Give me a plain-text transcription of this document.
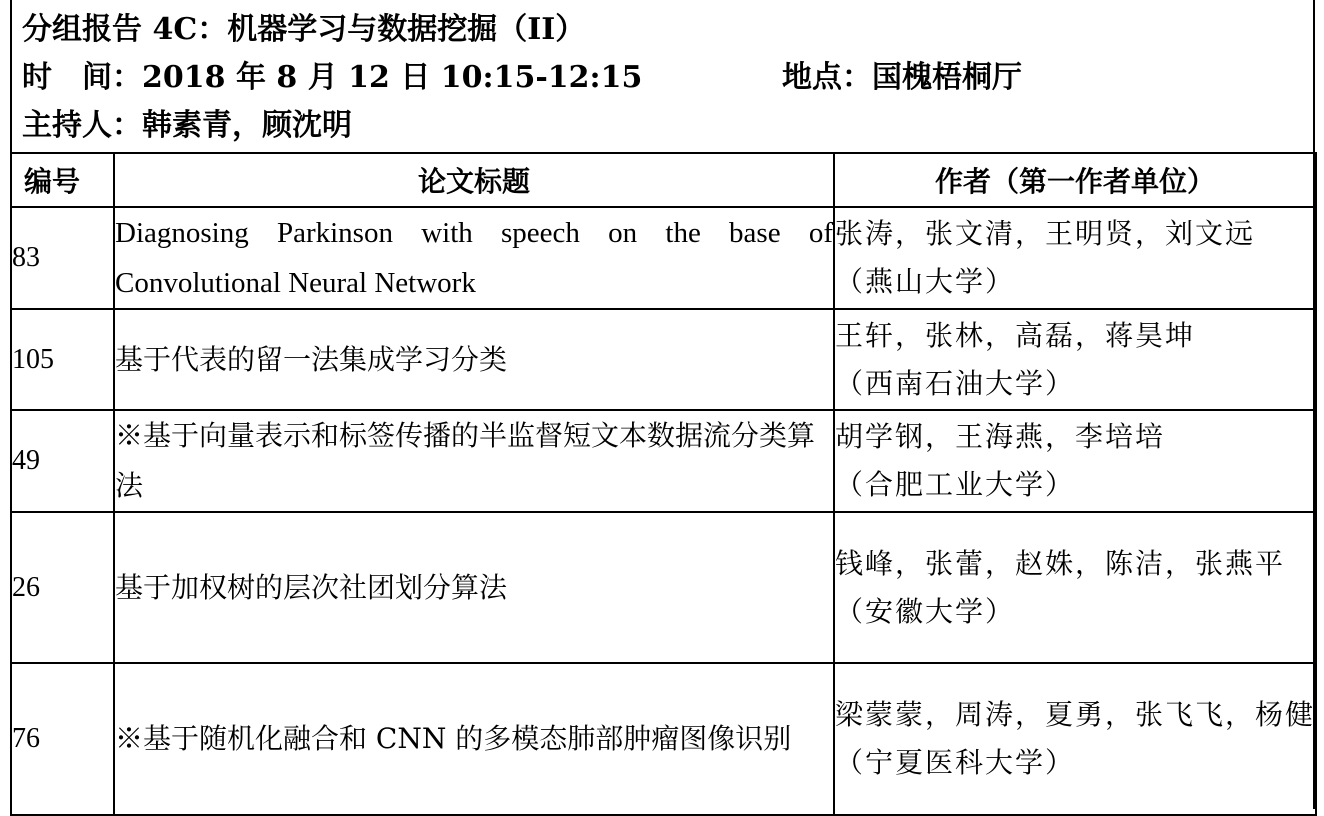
分组报告 4C：机器学习与数据挖掘（II）
时　间：2018 年 8 月 12 日 10:15-12:15	地点：国槐梧桐厅
主持人：韩素青，顾沈明
编号	论文标题	作者（第一作者单位）
83	Diagnosing Parkinson with speech on the base of Convolutional Neural Network	张涛，张文清，王明贤，刘文远
（燕山大学）

105	基于代表的留一法集成学习分类	王轩，张林，高磊，蒋昊坤
（西南石油大学）

49	※基于向量表示和标签传播的半监督短文本数据流分类算法	胡学钢，王海燕，李培培
（合肥工业大学）

26	基于加权树的层次社团划分算法	钱峰，张蕾，赵姝，陈洁，张燕平
（安徽大学）

76	※基于随机化融合和 CNN 的多模态肺部肿瘤图像识别	梁蒙蒙，周涛，夏勇，张飞飞，杨健
（宁夏医科大学）
